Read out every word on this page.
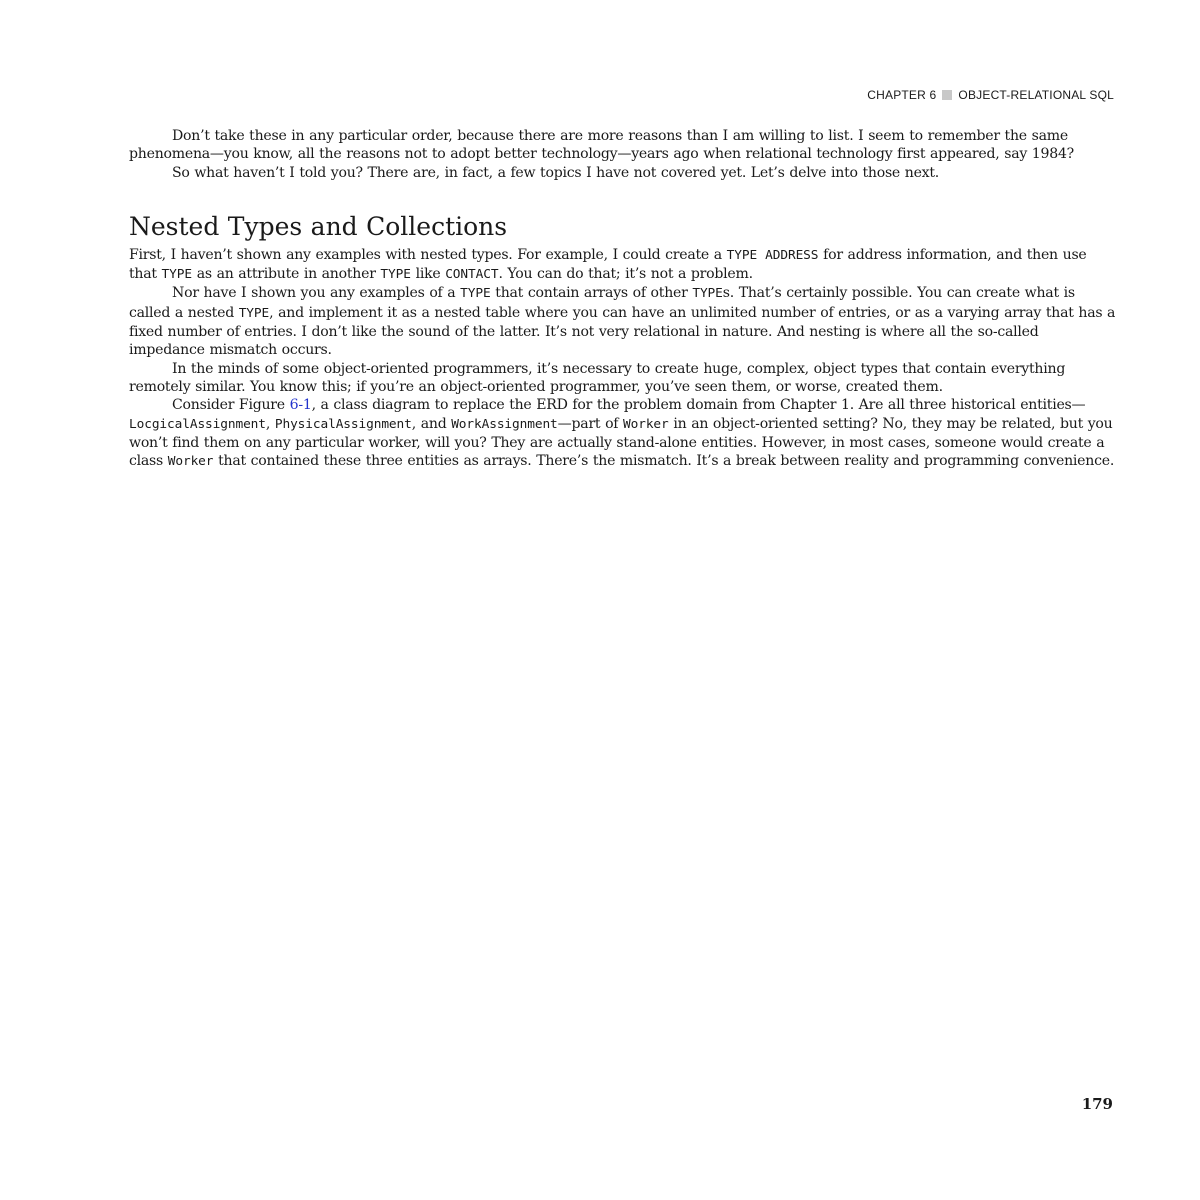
CHAPTER 6 OBJECT-RELATIONAL SQL

Don’t take these in any particular order, because there are more reasons than I am willing to list. I seem to remember the same phenomena—you know, all the reasons not to adopt better technology—years ago when relational technology first appeared, say 1984?

So what haven’t I told you? There are, in fact, a few topics I have not covered yet. Let’s delve into those next.

Nested Types and Collections

First, I haven’t shown any examples with nested types. For example, I could create a TYPE ADDRESS for address information, and then use that TYPE as an attribute in another TYPE like CONTACT. You can do that; it’s not a problem.

Nor have I shown you any examples of a TYPE that contain arrays of other TYPEs. That’s certainly possible. You can create what is called a nested TYPE, and implement it as a nested table where you can have an unlimited number of entries, or as a varying array that has a fixed number of entries. I don’t like the sound of the latter. It’s not very relational in nature. And nesting is where all the so-called impedance mismatch occurs.

In the minds of some object-oriented programmers, it’s necessary to create huge, complex, object types that contain everything remotely similar. You know this; if you’re an object-oriented programmer, you’ve seen them, or worse, created them.

Consider Figure 6-1, a class diagram to replace the ERD for the problem domain from Chapter 1. Are all three historical entities—LocgicalAssignment, PhysicalAssignment, and WorkAssignment—part of Worker in an object-oriented setting? No, they may be related, but you won’t find them on any particular worker, will you? They are actually stand-alone entities. However, in most cases, someone would create a class Worker that contained these three entities as arrays. There’s the mismatch. It’s a break between reality and programming convenience.

179
